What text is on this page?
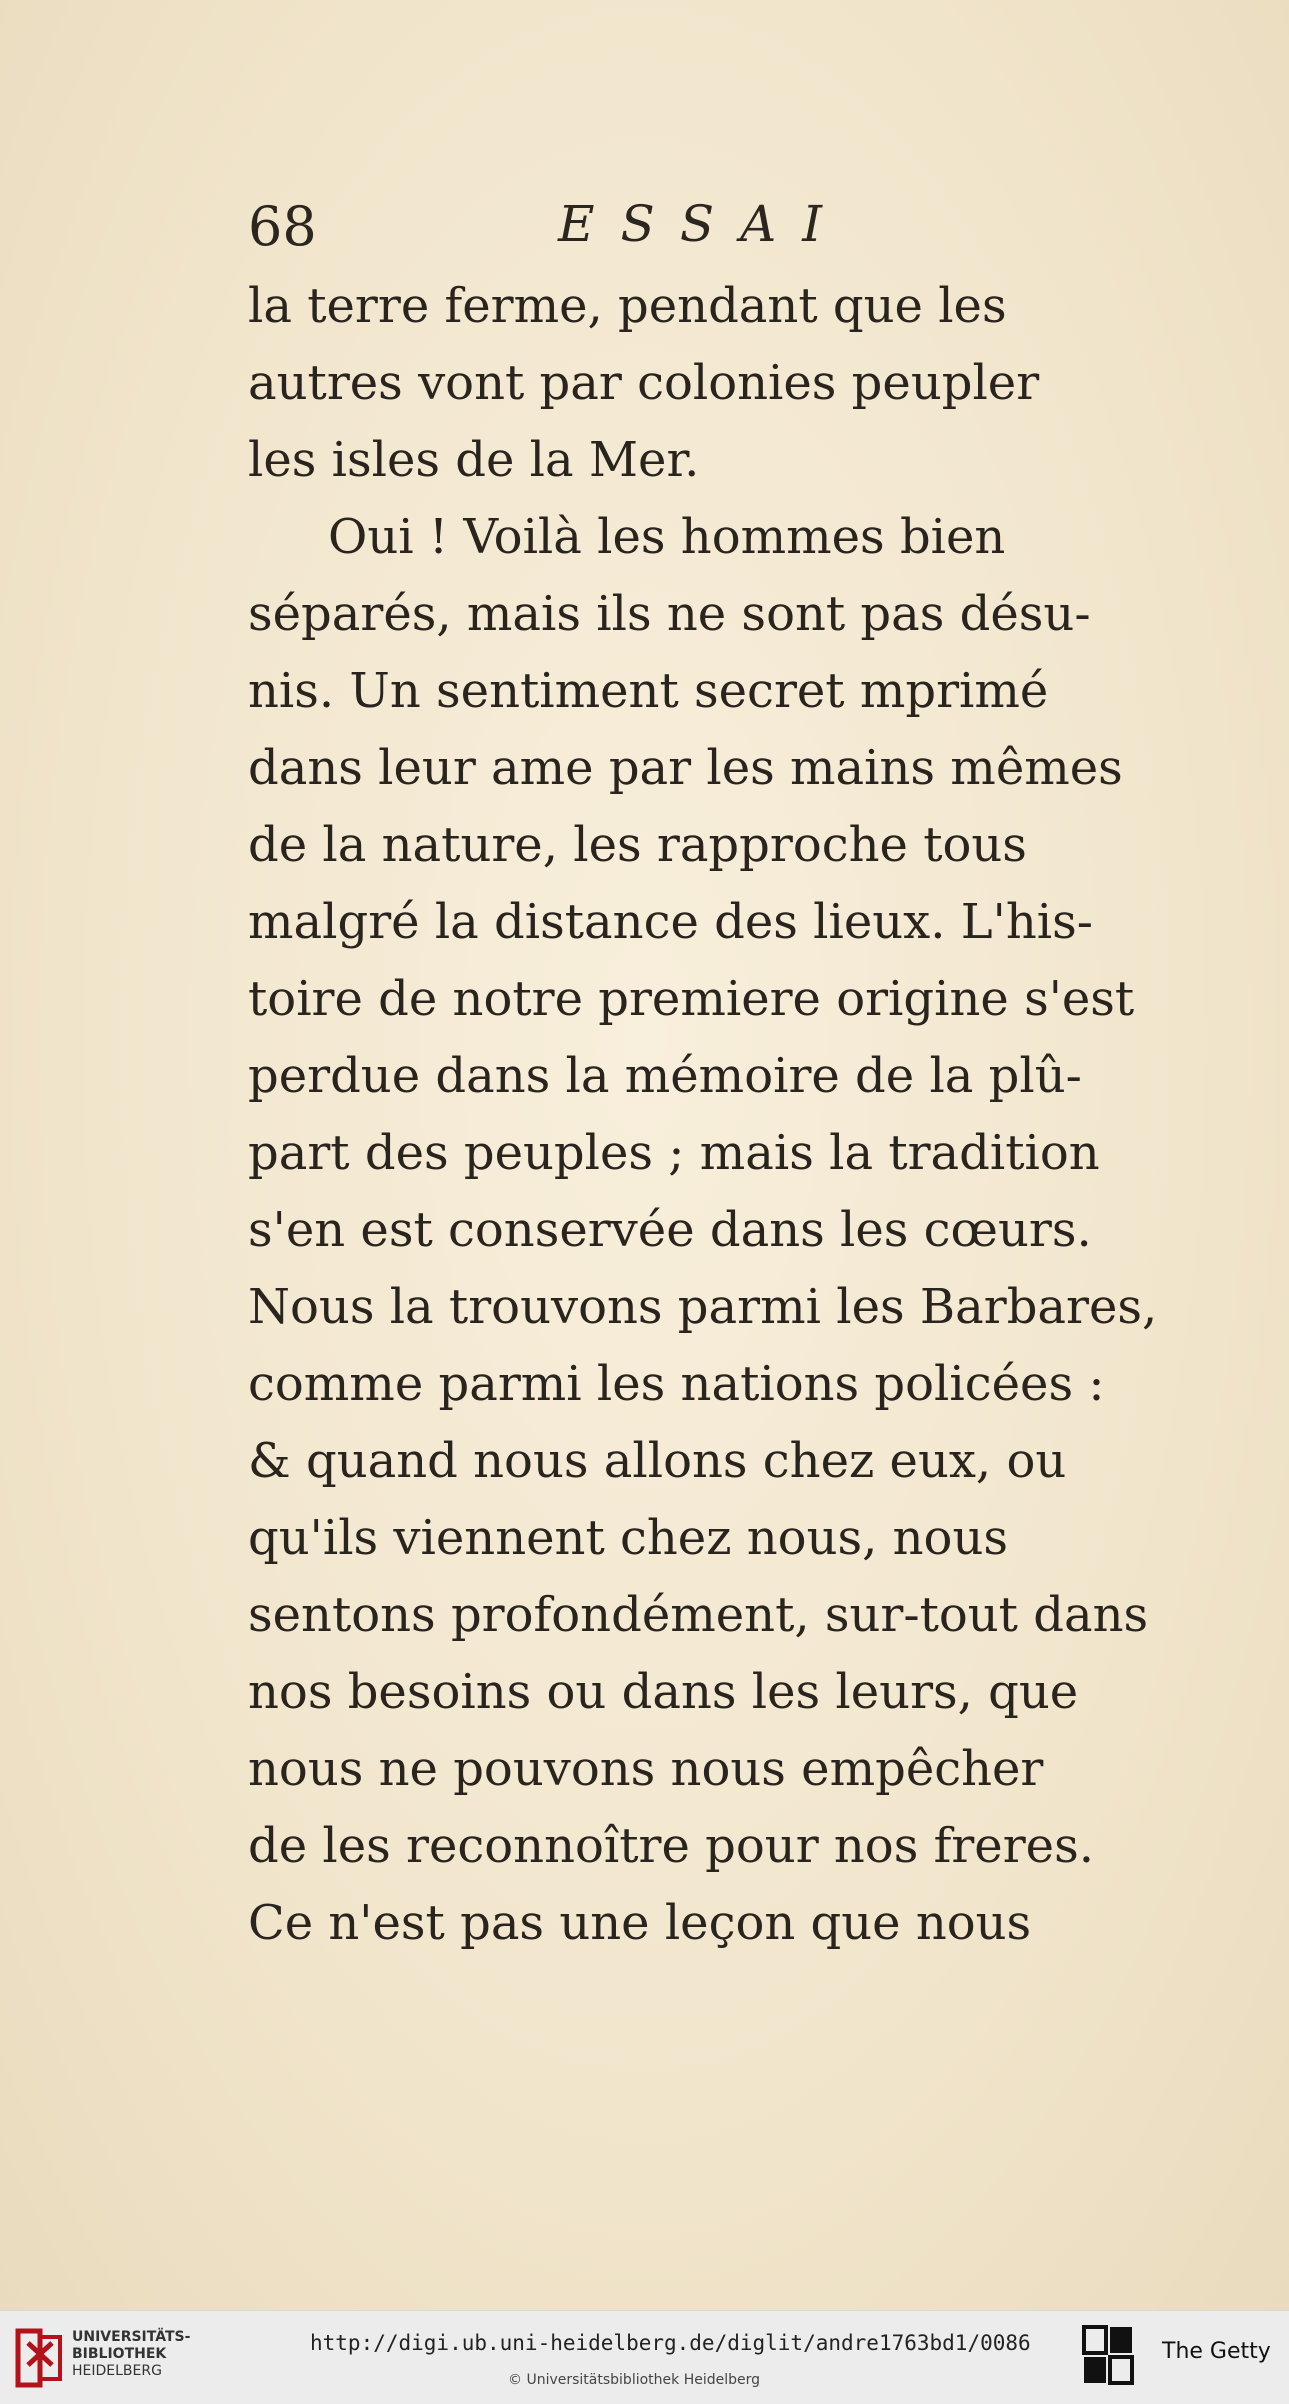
68	ESSAI
la terre ferme, pendant que les
autres vont par colonies peupler
les isles de la Mer.
Oui ! Voilà les hommes bien
séparés, mais ils ne sont pas désu-
nis. Un sentiment secret mprimé
dans leur ame par les mains mêmes
de la nature, les rapproche tous
malgré la distance des lieux. L'his-
toire de notre premiere origine s'est
perdue dans la mémoire de la plû-
part des peuples ; mais la tradition
s'en est conservée dans les cœurs.
Nous la trouvons parmi les Barbares,
comme parmi les nations policées :
& quand nous allons chez eux, ou
qu'ils viennent chez nous, nous
sentons profondément, sur-tout dans
nos besoins ou dans les leurs, que
nous ne pouvons nous empêcher
de les reconnoître pour nos freres.
Ce n'est pas une leçon que nous
UNIVERSITÄTS-
BIBLIOTHEK
HEIDELBERG
http://digi.ub.uni-heidelberg.de/diglit/andre1763bd1/0086
© Universitätsbibliothek Heidelberg
The Getty
